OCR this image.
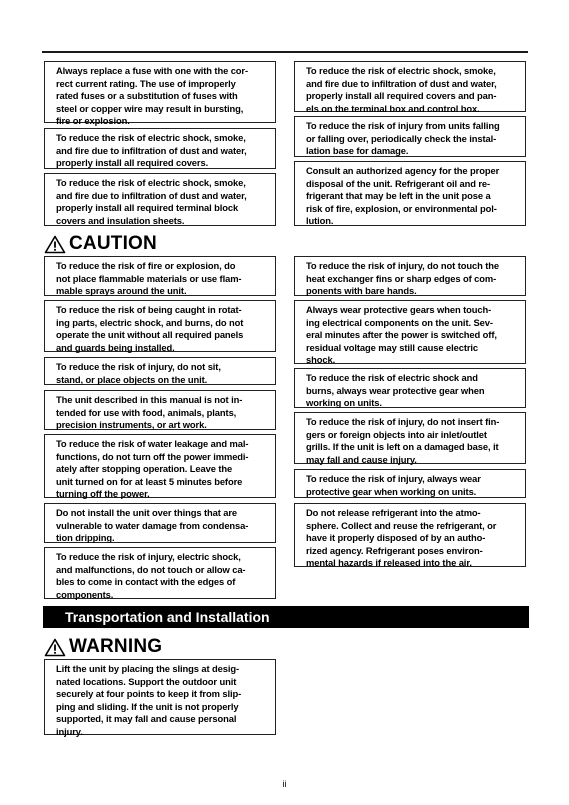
Always replace a fuse with one with the cor-
rect current rating. The use of improperly
rated fuses or a substitution of fuses with
steel or copper wire may result in bursting,
fire or explosion.
To reduce the risk of electric shock, smoke,
and fire due to infiltration of dust and water,
properly install all required covers.
To reduce the risk of electric shock, smoke,
and fire due to infiltration of dust and water,
properly install all required terminal block
covers and insulation sheets.
To reduce the risk of electric shock, smoke,
and fire due to infiltration of dust and water,
properly install all required covers and pan-
els on the terminal box and control box.
To reduce the risk of injury from units falling
or falling over, periodically check the instal-
lation base for damage.
Consult an authorized agency for the proper
disposal of the unit. Refrigerant oil and re-
frigerant that may be left in the unit pose a
risk of fire, explosion, or environmental pol-
lution.
CAUTION
To reduce the risk of fire or explosion, do
not place flammable materials or use flam-
mable sprays around the unit.
To reduce the risk of being caught in rotat-
ing parts, electric shock, and burns, do not
operate the unit without all required panels
and guards being installed.
To reduce the risk of injury, do not sit,
stand, or place objects on the unit.
The unit described in this manual is not in-
tended for use with food, animals, plants,
precision instruments, or art work.
To reduce the risk of water leakage and mal-
functions, do not turn off the power immedi-
ately after stopping operation. Leave the
unit turned on for at least 5 minutes before
turning off the power.
Do not install the unit over things that are
vulnerable to water damage from condensa-
tion dripping.
To reduce the risk of injury, electric shock,
and malfunctions, do not touch or allow ca-
bles to come in contact with the edges of
components.
To reduce the risk of injury, do not touch the
heat exchanger fins or sharp edges of com-
ponents with bare hands.
Always wear protective gears when touch-
ing electrical components on the unit. Sev-
eral minutes after the power is switched off,
residual voltage may still cause electric
shock.
To reduce the risk of electric shock and
burns, always wear protective gear when
working on units.
To reduce the risk of injury, do not insert fin-
gers or foreign objects into air inlet/outlet
grills. If the unit is left on a damaged base, it
may fall and cause injury.
To reduce the risk of injury, always wear
protective gear when working on units.
Do not release refrigerant into the atmo-
sphere. Collect and reuse the refrigerant, or
have it properly disposed of by an autho-
rized agency. Refrigerant poses environ-
mental hazards if released into the air.
Transportation and Installation
WARNING
Lift the unit by placing the slings at desig-
nated locations. Support the outdoor unit
securely at four points to keep it from slip-
ping and sliding. If the unit is not properly
supported, it may fall and cause personal
injury.
ii
